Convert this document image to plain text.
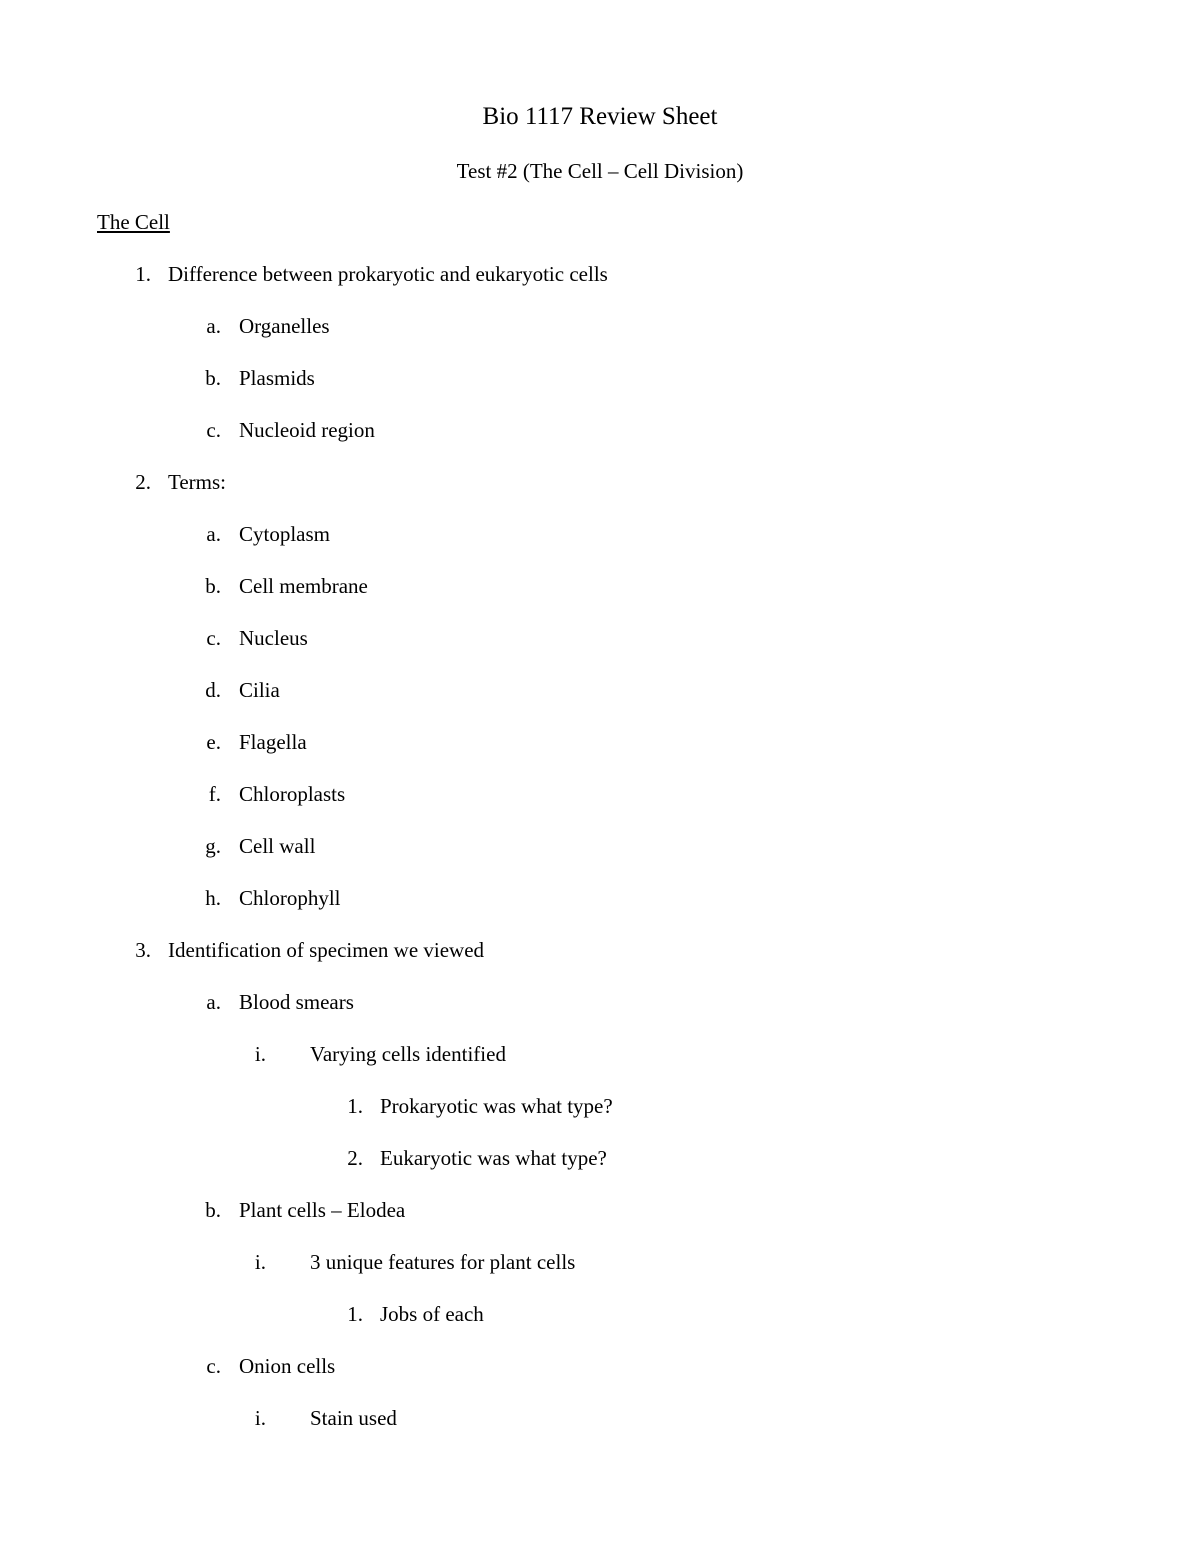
Bio 1117 Review Sheet
Test #2 (The Cell – Cell Division)
The Cell
1. Difference between prokaryotic and eukaryotic cells
a. Organelles
b. Plasmids
c. Nucleoid region
2. Terms:
a. Cytoplasm
b. Cell membrane
c. Nucleus
d. Cilia
e. Flagella
f. Chloroplasts
g. Cell wall
h. Chlorophyll
3. Identification of specimen we viewed
a. Blood smears
i. Varying cells identified
1. Prokaryotic was what type?
2. Eukaryotic was what type?
b. Plant cells – Elodea
i. 3 unique features for plant cells
1. Jobs of each
c. Onion cells
i. Stain used
